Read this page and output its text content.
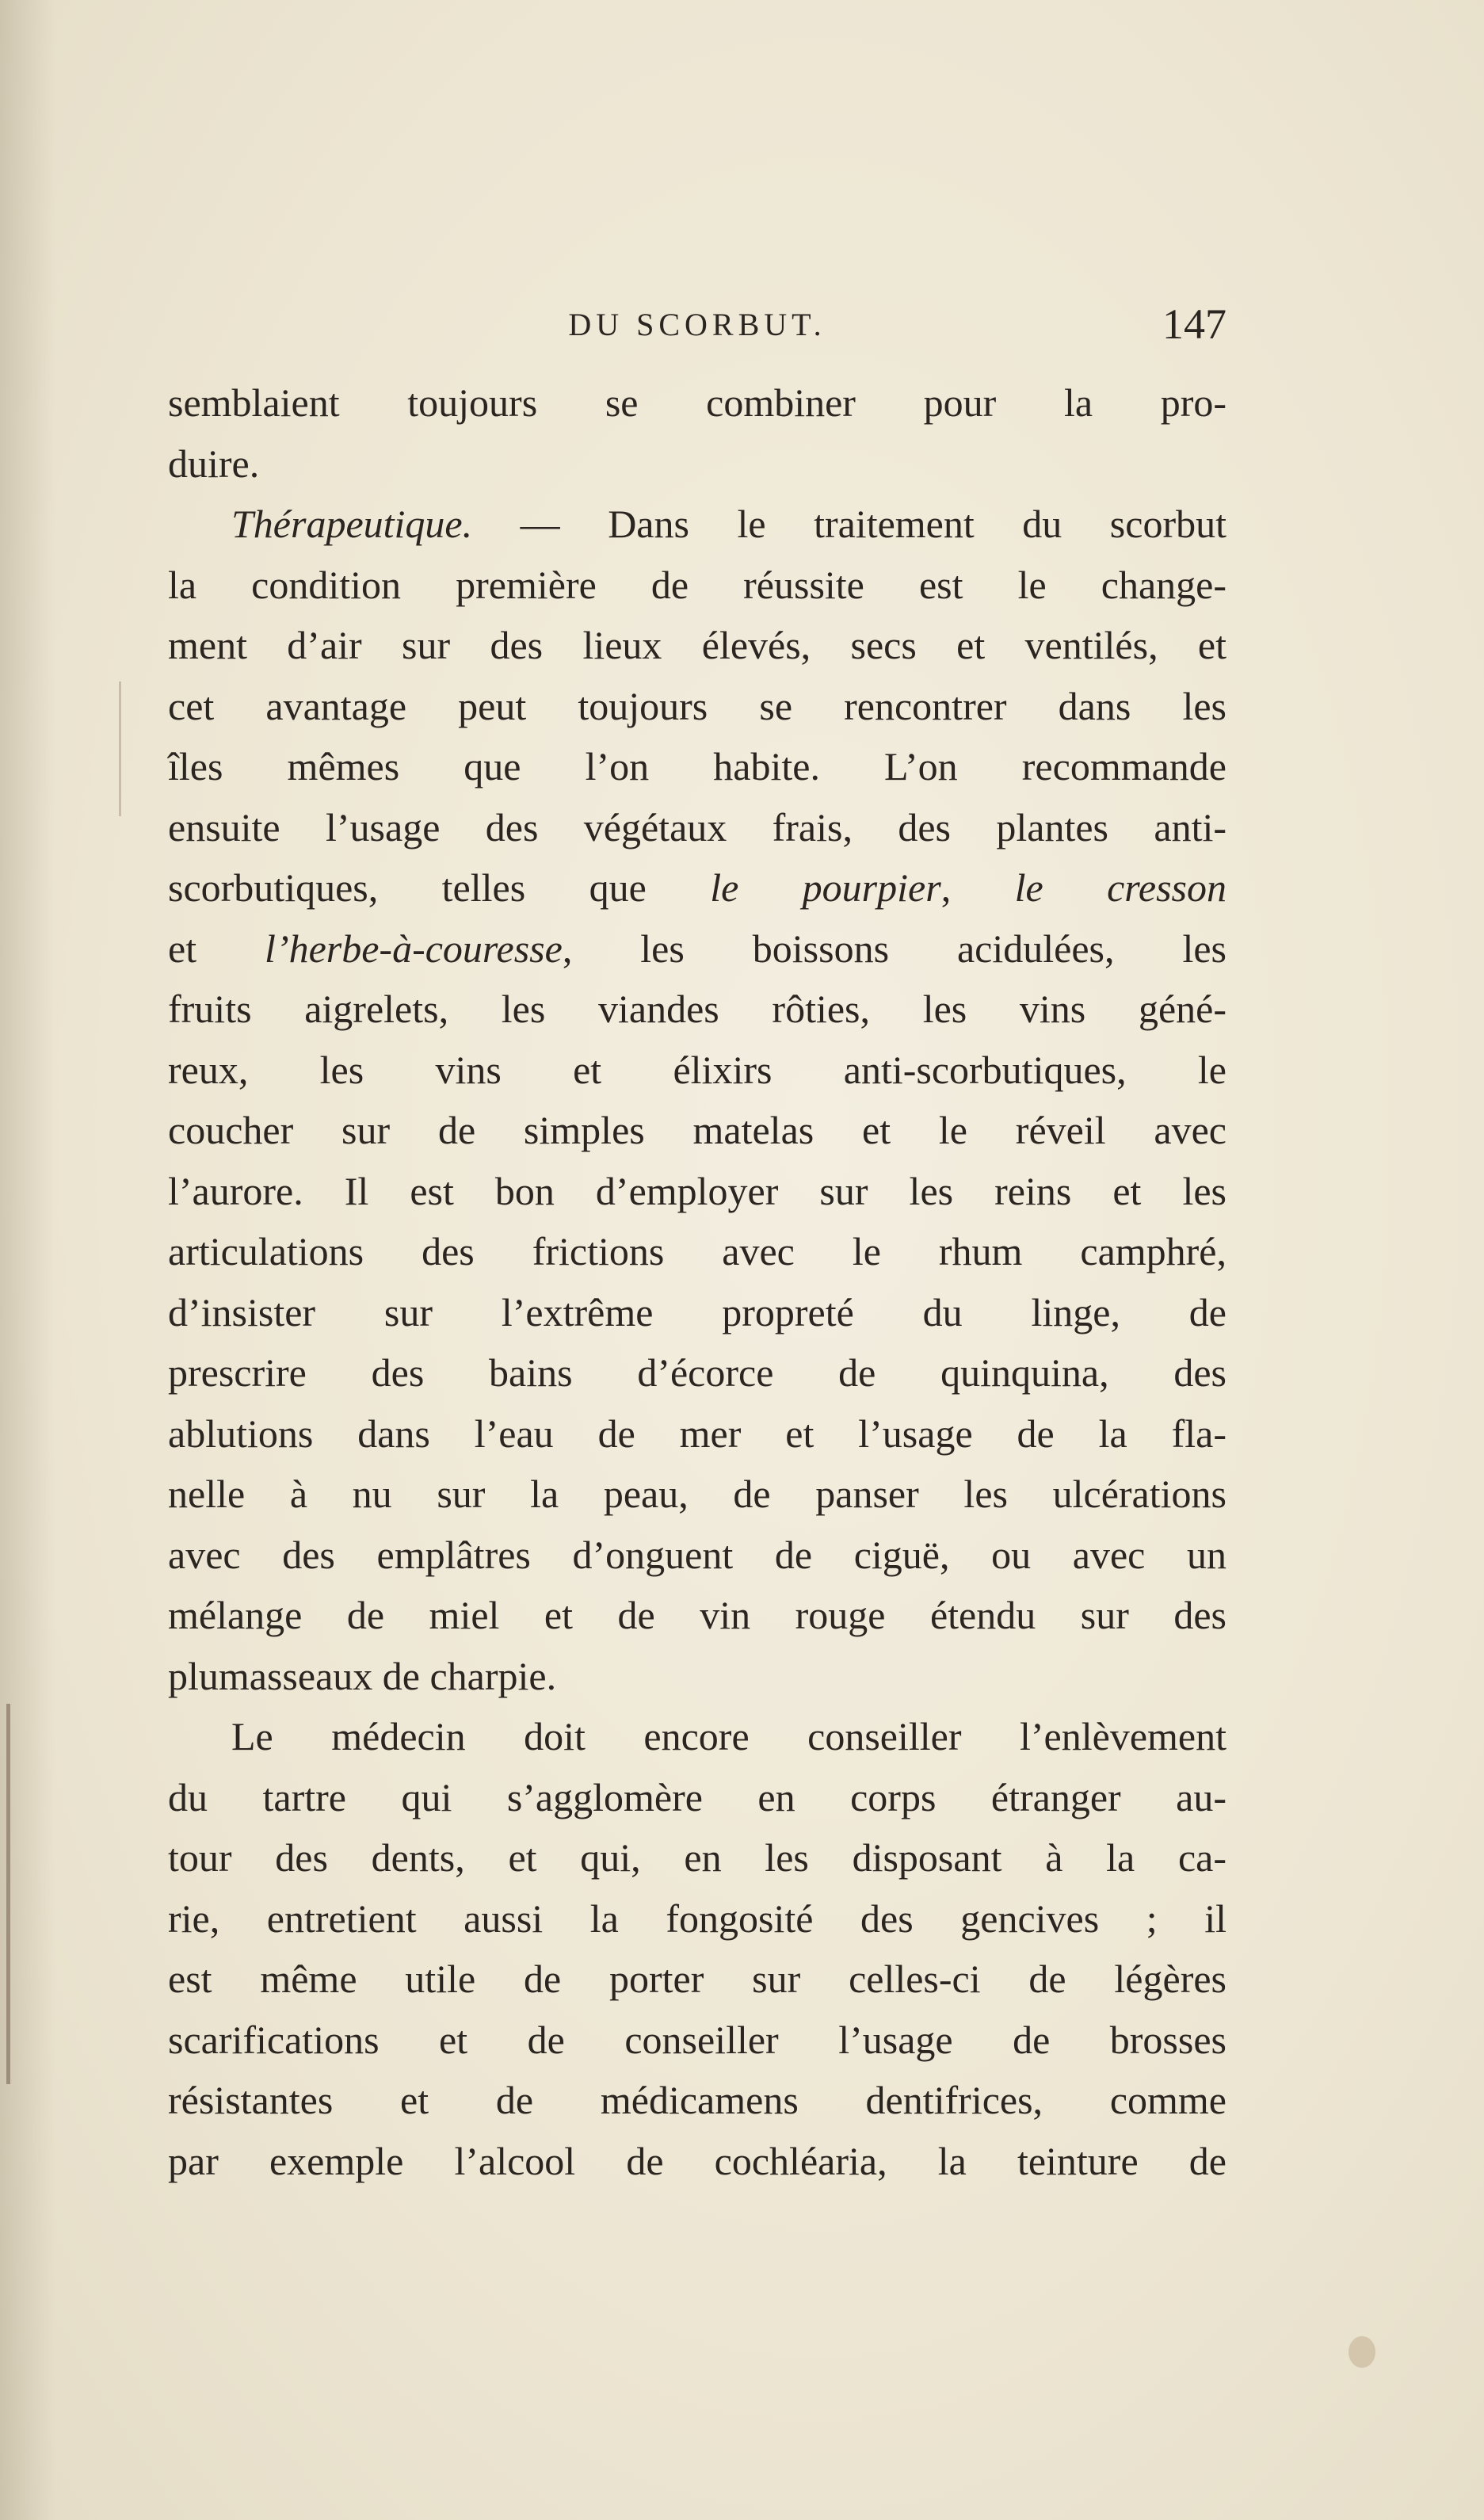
DU SCORBUT.	147
semblaient toujours se combiner pour la pro-
duire.
Thérapeutique. — Dans le traitement du scorbut
la condition première de réussite est le change-
ment d’air sur des lieux élevés, secs et ventilés, et
cet avantage peut toujours se rencontrer dans les
îles mêmes que l’on habite. L’on recommande
ensuite l’usage des végétaux frais, des plantes anti-
scorbutiques, telles que le pourpier, le cresson
et l’herbe-à-couresse, les boissons acidulées, les
fruits aigrelets, les viandes rôties, les vins géné-
reux, les vins et élixirs anti-scorbutiques, le
coucher sur de simples matelas et le réveil avec
l’aurore. Il est bon d’employer sur les reins et les
articulations des frictions avec le rhum camphré,
d’insister sur l’extrême propreté du linge, de
prescrire des bains d’écorce de quinquina, des
ablutions dans l’eau de mer et l’usage de la fla-
nelle à nu sur la peau, de panser les ulcérations
avec des emplâtres d’onguent de ciguë, ou avec un
mélange de miel et de vin rouge étendu sur des
plumasseaux de charpie.
Le médecin doit encore conseiller l’enlèvement
du tartre qui s’agglomère en corps étranger au-
tour des dents, et qui, en les disposant à la ca-
rie, entretient aussi la fongosité des gencives ; il
est même utile de porter sur celles-ci de légères
scarifications et de conseiller l’usage de brosses
résistantes et de médicamens dentifrices, comme
par exemple l’alcool de cochléaria, la teinture de
